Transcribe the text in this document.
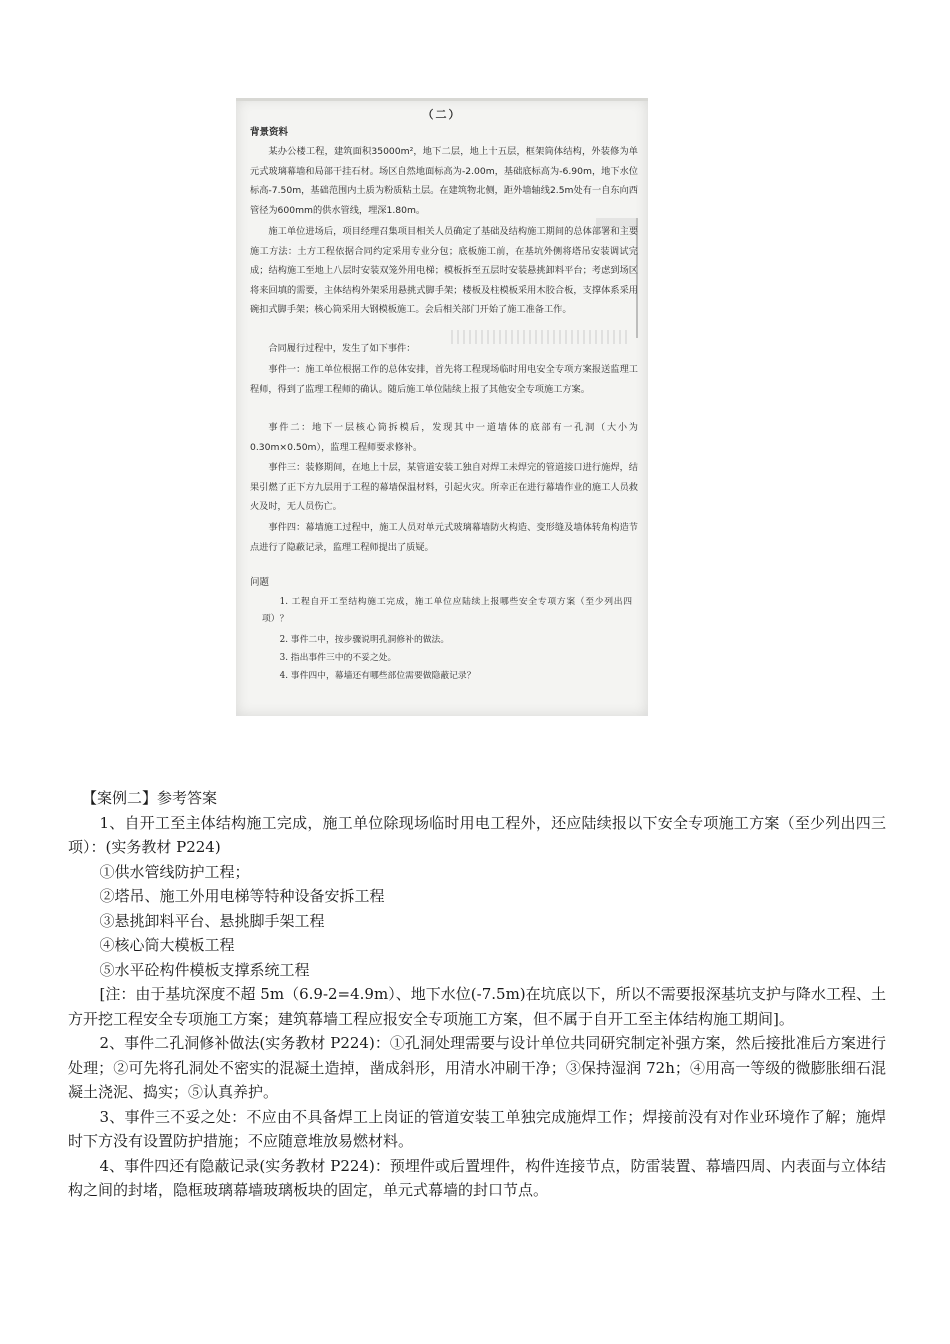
（二）
背景资料

某办公楼工程，建筑面积35000m²，地下二层，地上十五层，框架筒体结构，外装修为单元式玻璃幕墙和局部干挂石材。场区自然地面标高为-2.00m，基础底标高为-6.90m，地下水位标高-7.50m，基础范围内土质为粉质粘土层。在建筑物北侧，距外墙轴线2.5m处有一自东向西管径为600mm的供水管线，埋深1.80m。

施工单位进场后，项目经理召集项目相关人员确定了基础及结构施工期间的总体部署和主要施工方法：土方工程依据合同约定采用专业分包；底板施工前，在基坑外侧将塔吊安装调试完成；结构施工至地上八层时安装双笼外用电梯；模板拆至五层时安装悬挑卸料平台；考虑到场区将来回填的需要，主体结构外架采用悬挑式脚手架；楼板及柱模板采用木胶合板，支撑体系采用碗扣式脚手架；核心筒采用大钢模板施工。会后相关部门开始了施工准备工作。

合同履行过程中，发生了如下事件：

事件一：施工单位根据工作的总体安排，首先将工程现场临时用电安全专项方案报送监理工程师，得到了监理工程师的确认。随后施工单位陆续上报了其他安全专项施工方案。

事件二：地下一层核心筒拆模后，发现其中一道墙体的底部有一孔洞（大小为0.30m×0.50m），监理工程师要求修补。

事件三：装修期间，在地上十层，某管道安装工独自对焊工未焊完的管道接口进行施焊，结果引燃了正下方九层用于工程的幕墙保温材料，引起火灾。所幸正在进行幕墙作业的施工人员救火及时，无人员伤亡。

事件四：幕墙施工过程中，施工人员对单元式玻璃幕墙防火构造、变形缝及墙体转角构造节点进行了隐蔽记录，监理工程师提出了质疑。

问题

1. 工程自开工至结构施工完成，施工单位应陆续上报哪些安全专项方案（至少列出四项）？

2. 事件二中，按步骤说明孔洞修补的做法。

3. 指出事件三中的不妥之处。

4. 事件四中，幕墙还有哪些部位需要做隐蔽记录？

【案例二】参考答案

1、自开工至主体结构施工完成，施工单位除现场临时用电工程外，还应陆续报以下安全专项施工方案（至少列出四三项）：(实务教材 P224)

①供水管线防护工程；

②塔吊、施工外用电梯等特种设备安拆工程

③悬挑卸料平台、悬挑脚手架工程

④核心筒大模板工程

⑤水平砼构件模板支撑系统工程

[注：由于基坑深度不超 5m（6.9-2=4.9m）、地下水位(-7.5m)在坑底以下，所以不需要报深基坑支护与降水工程、土方开挖工程安全专项施工方案；建筑幕墙工程应报安全专项施工方案，但不属于自开工至主体结构施工期间]。

2、事件二孔洞修补做法(实务教材 P224)：①孔洞处理需要与设计单位共同研究制定补强方案，然后接批准后方案进行处理；②可先将孔洞处不密实的混凝土造掉，凿成斜形，用清水冲刷干净；③保持湿润 72h；④用高一等级的微膨胀细石混凝土浇泥、捣实；⑤认真养护。

3、事件三不妥之处：不应由不具备焊工上岗证的管道安装工单独完成施焊工作；焊接前没有对作业环境作了解；施焊时下方没有设置防护措施；不应随意堆放易燃材料。

4、事件四还有隐蔽记录(实务教材 P224)：预埋件或后置埋件，构件连接节点，防雷装置、幕墙四周、内表面与立体结构之间的封堵，隐框玻璃幕墙玻璃板块的固定，单元式幕墙的封口节点。
